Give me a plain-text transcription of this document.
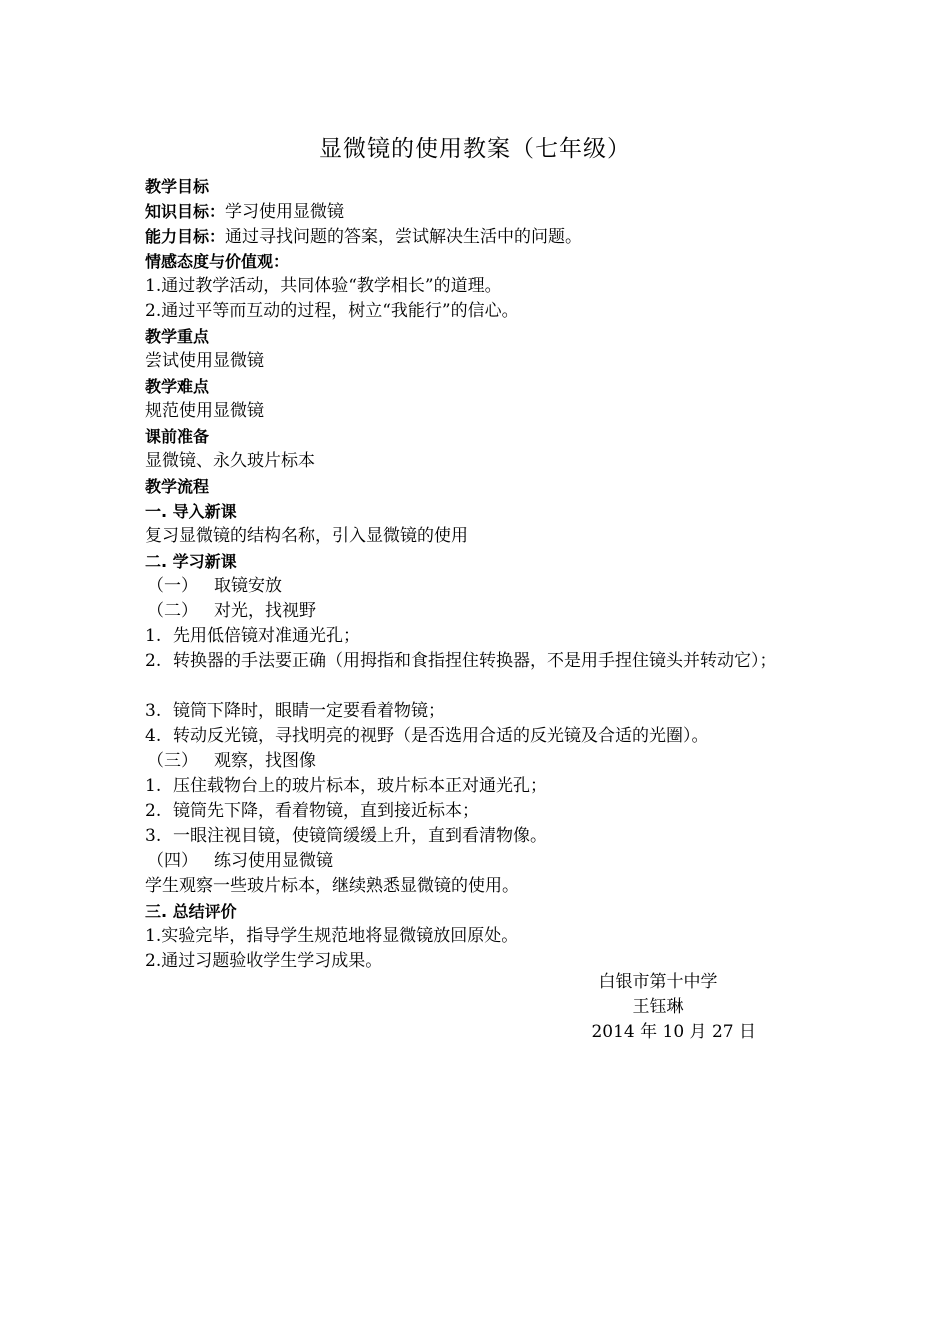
显微镜的使用教案（七年级）
教学目标
知识目标：学习使用显微镜
能力目标：通过寻找问题的答案，尝试解决生活中的问题。
情感态度与价值观：
1.通过教学活动，共同体验“教学相长”的道理。
2.通过平等而互动的过程，树立“我能行”的信心。
教学重点
尝试使用显微镜
教学难点
规范使用显微镜
课前准备
显微镜、永久玻片标本
教学流程
一. 导入新课
复习显微镜的结构名称，引入显微镜的使用
二. 学习新课
（一） 取镜安放
（二） 对光，找视野
1. 先用低倍镜对准通光孔；
2. 转换器的手法要正确（用拇指和食指捏住转换器，不是用手捏住镜头并转动它）；
3. 镜筒下降时，眼睛一定要看着物镜；
4. 转动反光镜，寻找明亮的视野（是否选用合适的反光镜及合适的光圈）。
（三） 观察，找图像
1. 压住载物台上的玻片标本，玻片标本正对通光孔；
2. 镜筒先下降，看着物镜，直到接近标本；
3. 一眼注视目镜，使镜筒缓缓上升，直到看清物像。
（四） 练习使用显微镜
学生观察一些玻片标本，继续熟悉显微镜的使用。
三. 总结评价
1.实验完毕，指导学生规范地将显微镜放回原处。
2.通过习题验收学生学习成果。
白银市第十中学
王钰琳
2014 年 10 月 27 日
